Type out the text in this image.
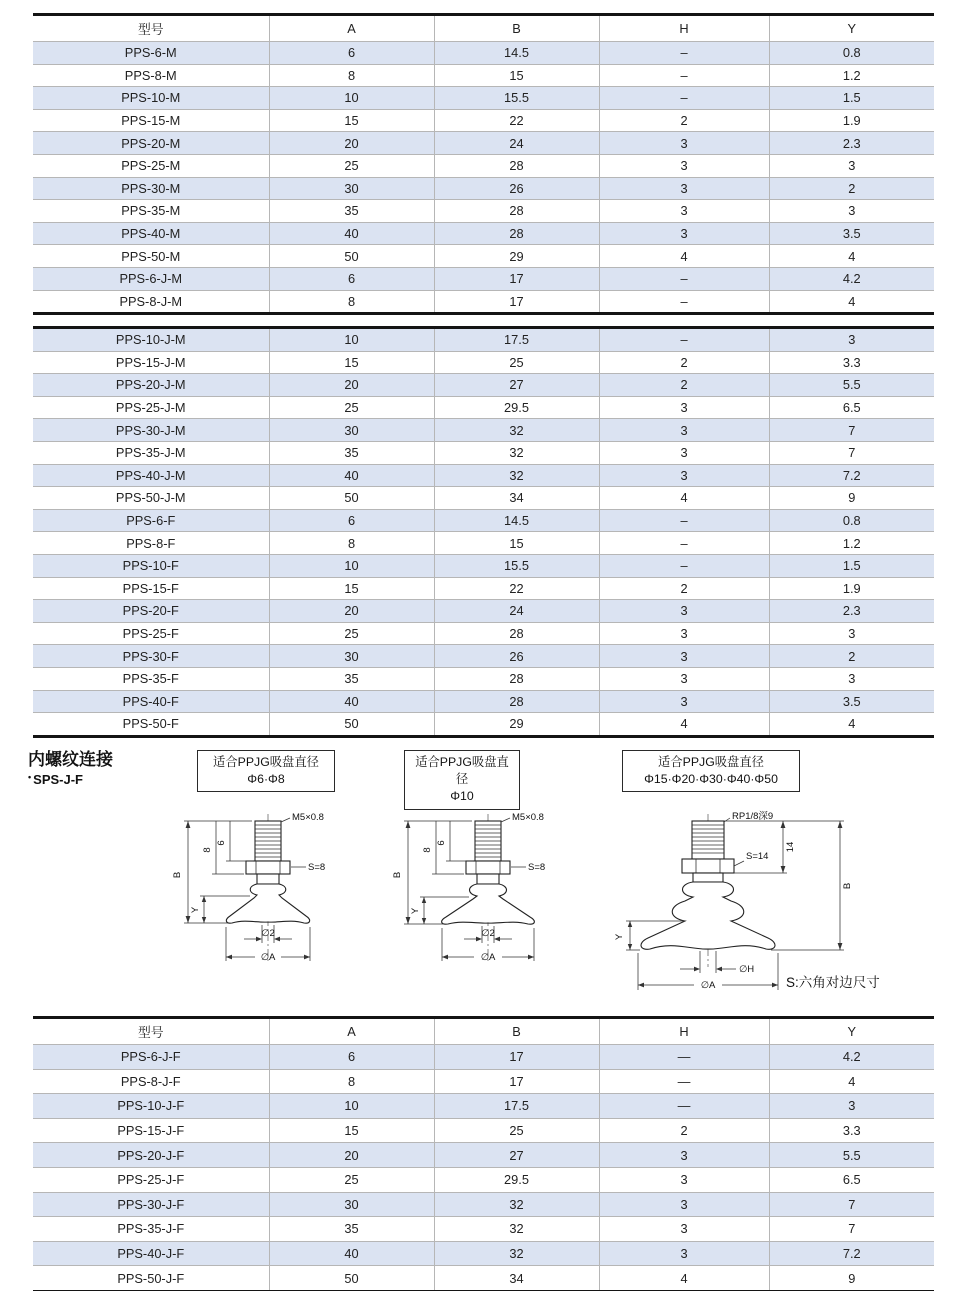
型号	A	B	H	Y
PPS-6-M	6	14.5	–	0.8
PPS-8-M	8	15	–	1.2
PPS-10-M	10	15.5	–	1.5
PPS-15-M	15	22	2	1.9
PPS-20-M	20	24	3	2.3
PPS-25-M	25	28	3	3
PPS-30-M	30	26	3	2
PPS-35-M	35	28	3	3
PPS-40-M	40	28	3	3.5
PPS-50-M	50	29	4	4
PPS-6-J-M	6	17	–	4.2
PPS-8-J-M	8	17	–	4
PPS-10-J-M	10	17.5	–	3
PPS-15-J-M	15	25	2	3.3
PPS-20-J-M	20	27	2	5.5
PPS-25-J-M	25	29.5	3	6.5
PPS-30-J-M	30	32	3	7
PPS-35-J-M	35	32	3	7
PPS-40-J-M	40	32	3	7.2
PPS-50-J-M	50	34	4	9
PPS-6-F	6	14.5	–	0.8
PPS-8-F	8	15	–	1.2
PPS-10-F	10	15.5	–	1.5
PPS-15-F	15	22	2	1.9
PPS-20-F	20	24	3	2.3
PPS-25-F	25	28	3	3
PPS-30-F	30	26	3	2
PPS-35-F	35	28	3	3
PPS-40-F	40	28	3	3.5
PPS-50-F	50	29	4	4
内螺纹连接
• SPS-J-F
适合PPJG吸盘直径
Φ6·Φ8
适合PPJG吸盘直径
Φ10
适合PPJG吸盘直径
Φ15·Φ20·Φ30·Φ40·Φ50
M5×0.8
S=8
8
6
B
Y
∅2
∅A
M5×0.8
S=8
8
6
B
Y
∅2
∅A
RP1/8深9
S=14
14
B
Y
∅H
∅A	S:六角对边尺寸
型号	A	B	H	Y
PPS-6-J-F	6	17	—	4.2
PPS-8-J-F	8	17	—	4
PPS-10-J-F	10	17.5	—	3
PPS-15-J-F	15	25	2	3.3
PPS-20-J-F	20	27	3	5.5
PPS-25-J-F	25	29.5	3	6.5
PPS-30-J-F	30	32	3	7
PPS-35-J-F	35	32	3	7
PPS-40-J-F	40	32	3	7.2
PPS-50-J-F	50	34	4	9
